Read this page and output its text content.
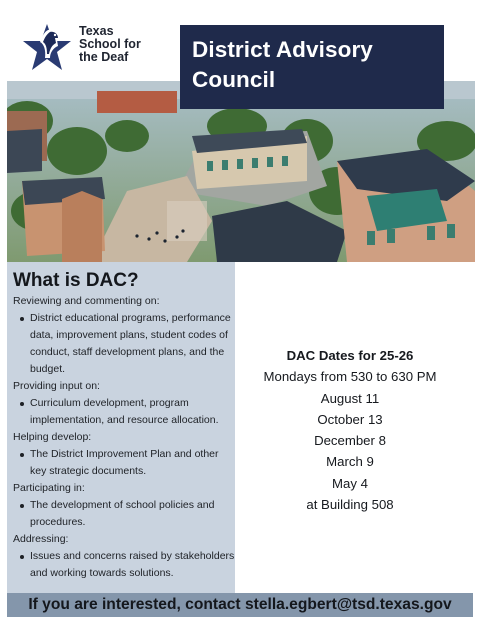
Texas
School for
the Deaf	District Advisory
Council
What is DAC?
Reviewing and commenting on:
District educational programs, performance
data, improvement plans, student codes of
conduct, staff development plans, and the
budget.
Providing input on:
Curriculum development, program
implementation, and resource allocation.
Helping develop:
The District Improvement Plan and other
key strategic documents.
Participating in:
The development of school policies and
procedures.
Addressing:
Issues and concerns raised by stakeholders
and working towards solutions.
DAC Dates for 25-26
Mondays from 530 to 630 PM
August 11
October 13
December 8
March 9
May 4
at Building 508
If you are interested, contact stella.egbert@tsd.texas.gov
